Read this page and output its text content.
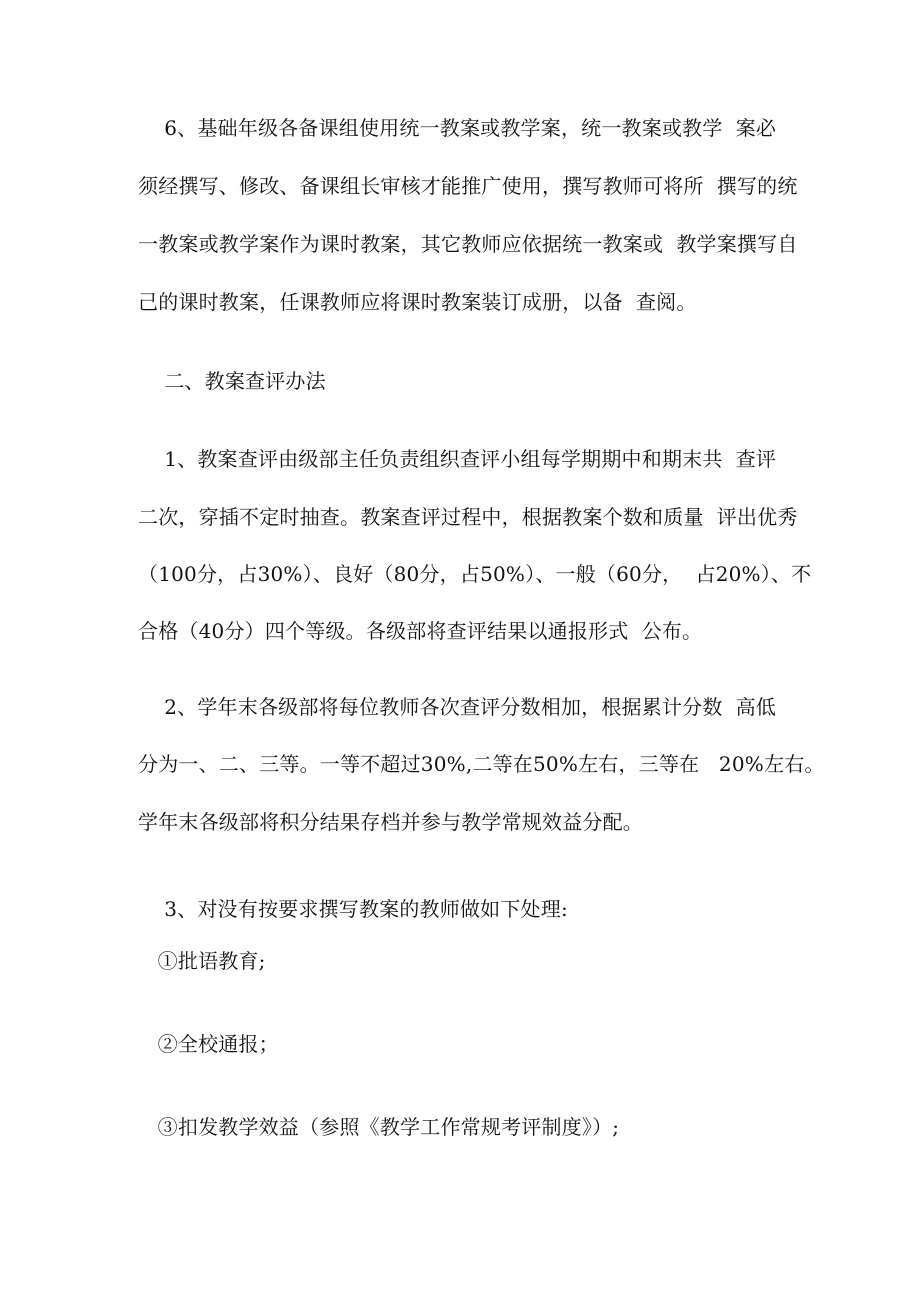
6、基础年级各备课组使用统一教案或教学案，统一教案或教学  案必
须经撰写、修改、备课组长审核才能推广使用，撰写教师可将所  撰写的统
一教案或教学案作为课时教案，其它教师应依据统一教案或  教学案撰写自
己的课时教案，任课教师应将课时教案装订成册，以备  查阅。
二、教案查评办法
1、教案查评由级部主任负责组织查评小组每学期期中和期末共  查评
二次，穿插不定时抽查。教案查评过程中，根据教案个数和质量  评出优秀
（100分，占30%）、良好（80分，占50%）、一般（60分，  占20%）、不
合格（40分）四个等级。各级部将查评结果以通报形式  公布。
2、学年末各级部将每位教师各次查评分数相加，根据累计分数  高低
分为一、二、三等。一等不超过30%,二等在50%左右，三等在   20%左右。
学年末各级部将积分结果存档并参与教学常规效益分配。
3、对没有按要求撰写教案的教师做如下处理:
①批语教育;
②全校通报；
③扣发教学效益（参照《教学工作常规考评制度》）;
